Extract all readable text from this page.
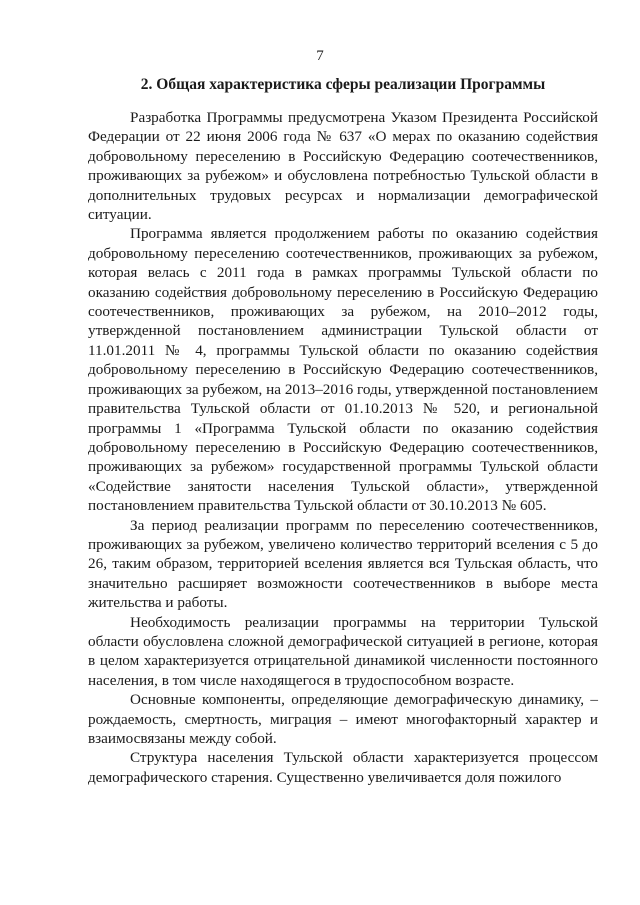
7
2. Общая характеристика сферы реализации Программы

Разработка Программы предусмотрена Указом Президента Российской Федерации от 22 июня 2006 года № 637 «О мерах по оказанию содействия добровольному переселению в Российскую Федерацию соотечественников, проживающих за рубежом» и обусловлена потребностью Тульской области в дополнительных трудовых ресурсах и нормализации демографической ситуации.

Программа является продолжением работы по оказанию содействия добровольному переселению соотечественников, проживающих за рубежом, которая велась с 2011 года в рамках программы Тульской области по оказанию содействия добровольному переселению в Российскую Федерацию соотечественников, проживающих за рубежом, на 2010–2012 годы, утвержденной постановлением администрации Тульской области от 11.01.2011 № 4, программы Тульской области по оказанию содействия добровольному переселению в Российскую Федерацию соотечественников, проживающих за рубежом, на 2013–2016 годы, утвержденной постановлением правительства Тульской области от 01.10.2013 № 520, и региональной программы 1 «Программа Тульской области по оказанию содействия добровольному переселению в Российскую Федерацию соотечественников, проживающих за рубежом» государственной программы Тульской области «Содействие занятости населения Тульской области», утвержденной постановлением правительства Тульской области от 30.10.2013 № 605.

За период реализации программ по переселению соотечественников, проживающих за рубежом, увеличено количество территорий вселения с 5 до 26, таким образом, территорией вселения является вся Тульская область, что значительно расширяет возможности соотечественников в выборе места жительства и работы.

Необходимость реализации программы на территории Тульской области обусловлена сложной демографической ситуацией в регионе, которая в целом характеризуется отрицательной динамикой численности постоянного населения, в том числе находящегося в трудоспособном возрасте.

Основные компоненты, определяющие демографическую динамику, – рождаемость, смертность, миграция – имеют многофакторный характер и взаимосвязаны между собой.

Структура населения Тульской области характеризуется процессом демографического старения. Существенно увеличивается доля пожилого
